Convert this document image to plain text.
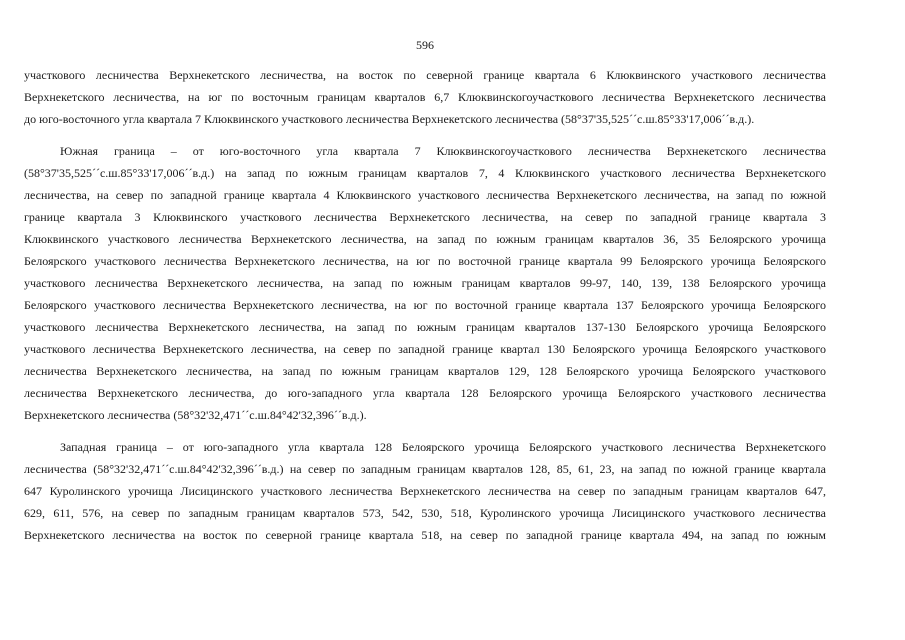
596
участкового лесничества Верхнекетского лесничества, на восток по северной границе квартала 6 Клюквинского участкового лесничества
Верхнекетского лесничества, на юг по восточным границам кварталов 6,7 Клюквинскогоучасткового лесничества Верхнекетского лесничества
до юго-восточного угла квартала 7 Клюквинского участкового лесничества Верхнекетского лесничества (58°37'35,525´´с.ш.85°33'17,006´´в.д.).
Южная граница – от юго-восточного угла квартала 7 Клюквинскогоучасткового лесничества Верхнекетского лесничества
(58°37'35,525´´с.ш.85°33'17,006´´в.д.) на запад по южным границам кварталов 7, 4 Клюквинского участкового лесничества Верхнекетского
лесничества, на север по западной границе квартала 4 Клюквинского участкового лесничества Верхнекетского лесничества, на запад по южной
границе квартала 3 Клюквинского участкового лесничества Верхнекетского лесничества, на север по западной границе квартала 3
Клюквинского участкового лесничества Верхнекетского лесничества, на запад по южным границам кварталов 36, 35 Белоярского урочища
Белоярского участкового лесничества Верхнекетского лесничества, на юг по восточной границе квартала 99 Белоярского урочища Белоярского
участкового лесничества Верхнекетского лесничества, на запад по южным границам кварталов 99-97, 140, 139, 138 Белоярского урочища
Белоярского участкового лесничества Верхнекетского лесничества, на юг по восточной границе квартала 137 Белоярского урочища Белоярского
участкового лесничества Верхнекетского лесничества, на запад по южным границам кварталов 137-130 Белоярского урочища Белоярского
участкового лесничества Верхнекетского лесничества, на север по западной границе квартал 130 Белоярского урочища Белоярского участкового
лесничества Верхнекетского лесничества, на запад по южным границам кварталов 129, 128 Белоярского урочища Белоярского участкового
лесничества Верхнекетского лесничества, до юго-западного угла квартала 128 Белоярского урочища Белоярского участкового лесничества
Верхнекетского лесничества (58°32'32,471´´с.ш.84°42'32,396´´в.д.).
Западная граница – от юго-западного угла квартала 128 Белоярского урочища Белоярского участкового лесничества Верхнекетского
лесничества (58°32'32,471´´с.ш.84°42'32,396´´в.д.) на север по западным границам кварталов 128, 85, 61, 23, на запад по южной границе квартала
647 Куролинского урочища Лисицинского участкового лесничества Верхнекетского лесничества на север по западным границам кварталов 647,
629, 611, 576, на север по западным границам кварталов 573, 542, 530, 518, Куролинского урочища Лисицинского участкового лесничества
Верхнекетского лесничества на восток по северной границе квартала 518, на север по западной границе квартала 494, на запад по южным
